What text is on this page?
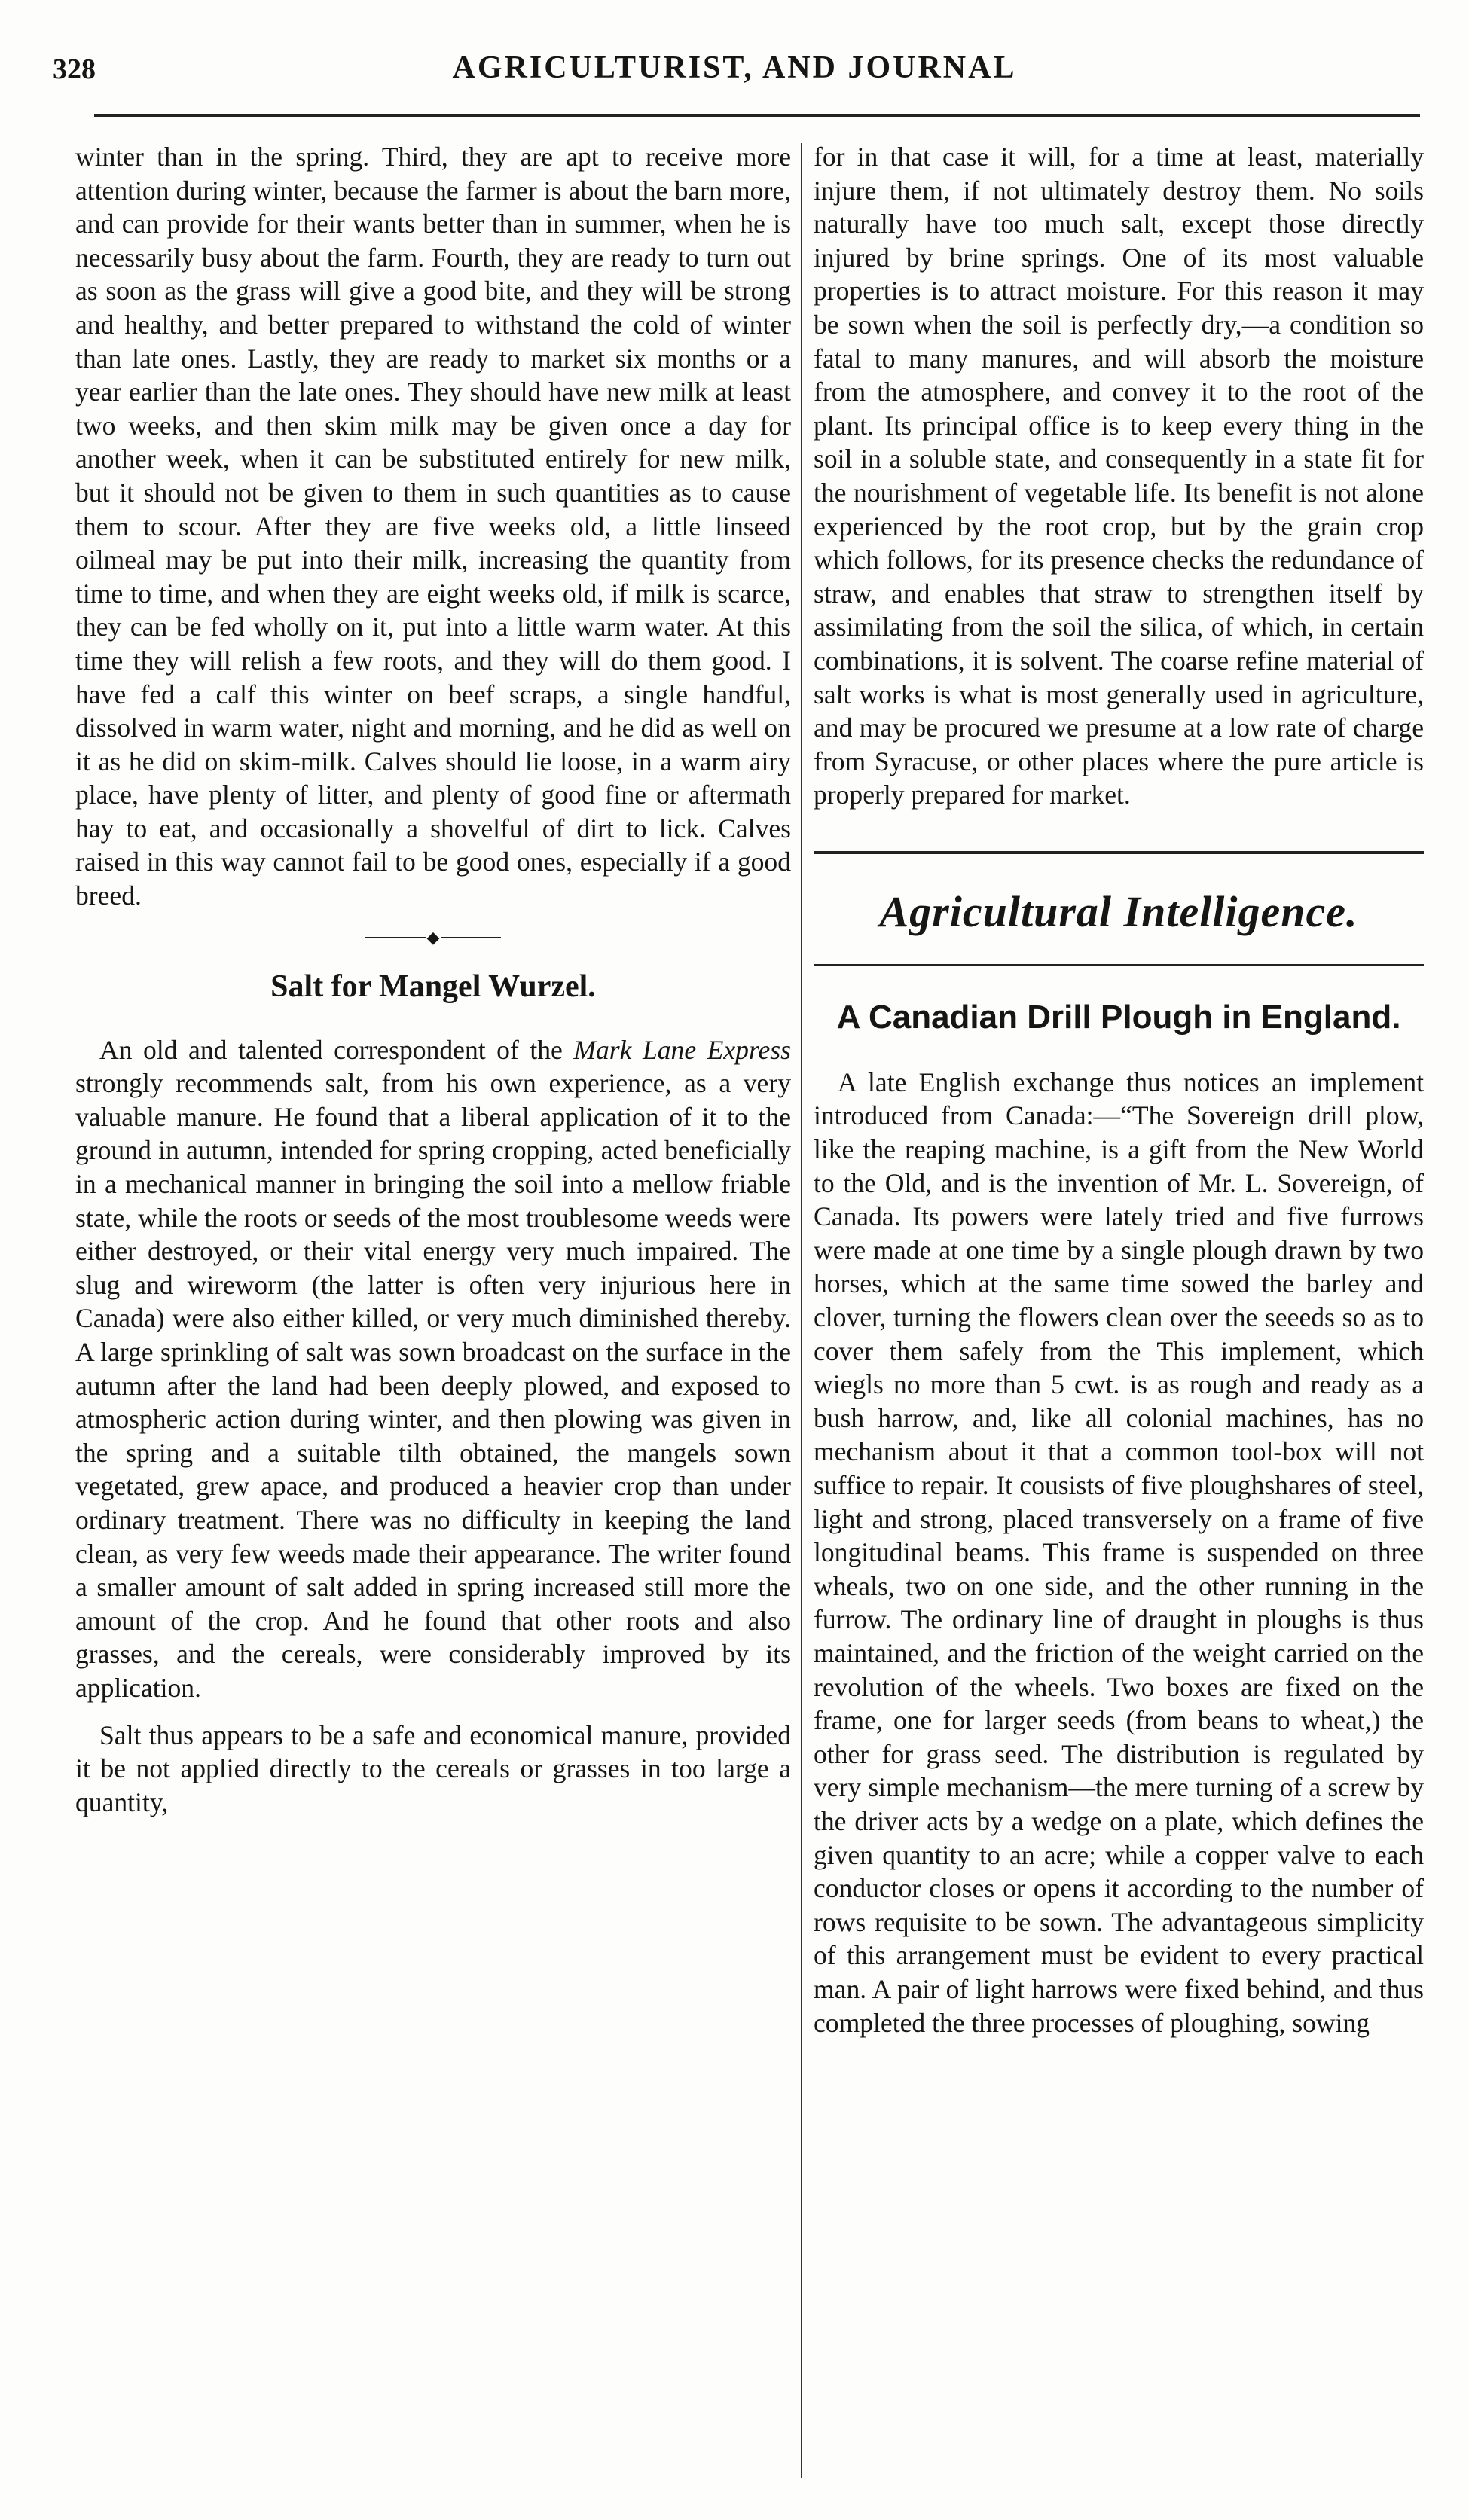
328	AGRICULTURIST, AND JOURNAL

winter than in the spring. Third, they are apt to receive more attention during winter, because the farmer is about the barn more, and can provide for their wants better than in summer, when he is necessarily busy about the farm. Fourth, they are ready to turn out as soon as the grass will give a good bite, and they will be strong and healthy, and better prepared to withstand the cold of winter than late ones. Lastly, they are ready to market six months or a year earlier than the late ones. They should have new milk at least two weeks, and then skim milk may be given once a day for another week, when it can be substituted entirely for new milk, but it should not be given to them in such quantities as to cause them to scour. After they are five weeks old, a little linseed oilmeal may be put into their milk, increasing the quantity from time to time, and when they are eight weeks old, if milk is scarce, they can be fed wholly on it, put into a little warm water. At this time they will relish a few roots, and they will do them good. I have fed a calf this winter on beef scraps, a single handful, dissolved in warm water, night and morning, and he did as well on it as he did on skim-milk. Calves should lie loose, in a warm airy place, have plenty of litter, and plenty of good fine or aftermath hay to eat, and occasionally a shovelful of dirt to lick. Calves raised in this way cannot fail to be good ones, especially if a good breed.

◆
Salt for Mangel Wurzel.

An old and talented correspondent of the Mark Lane Express strongly recommends salt, from his own experience, as a very valuable manure. He found that a liberal application of it to the ground in autumn, intended for spring cropping, acted beneficially in a mechanical manner in bringing the soil into a mellow friable state, while the roots or seeds of the most troublesome weeds were either destroyed, or their vital energy very much impaired. The slug and wireworm (the latter is often very injurious here in Canada) were also either killed, or very much diminished thereby. A large sprinkling of salt was sown broadcast on the surface in the autumn after the land had been deeply plowed, and exposed to atmospheric action during winter, and then plowing was given in the spring and a suitable tilth obtained, the mangels sown vegetated, grew apace, and produced a heavier crop than under ordinary treatment. There was no difficulty in keeping the land clean, as very few weeds made their appearance. The writer found a smaller amount of salt added in spring increased still more the amount of the crop. And he found that other roots and also grasses, and the cereals, were considerably improved by its application.

Salt thus appears to be a safe and economical manure, provided it be not applied directly to the cereals or grasses in too large a quantity,

for in that case it will, for a time at least, materially injure them, if not ultimately destroy them. No soils naturally have too much salt, except those directly injured by brine springs. One of its most valuable properties is to attract moisture. For this reason it may be sown when the soil is perfectly dry,—a condition so fatal to many manures, and will absorb the moisture from the atmosphere, and convey it to the root of the plant. Its principal office is to keep every thing in the soil in a soluble state, and consequently in a state fit for the nourishment of vegetable life. Its benefit is not alone experienced by the root crop, but by the grain crop which follows, for its presence checks the redundance of straw, and enables that straw to strengthen itself by assimilating from the soil the silica, of which, in certain combinations, it is solvent. The coarse refine material of salt works is what is most generally used in agriculture, and may be procured we presume at a low rate of charge from Syracuse, or other places where the pure article is properly prepared for market.

Agricultural Intelligence.
A Canadian Drill Plough in England.

A late English exchange thus notices an implement introduced from Canada:—“The Sovereign drill plow, like the reaping machine, is a gift from the New World to the Old, and is the invention of Mr. L. Sovereign, of Canada. Its powers were lately tried and five furrows were made at one time by a single plough drawn by two horses, which at the same time sowed the barley and clover, turning the flowers clean over the seeeds so as to cover them safely from the This implement, which wiegls no more than 5 cwt. is as rough and ready as a bush harrow, and, like all colonial machines, has no mechanism about it that a common tool-box will not suffice to repair. It cousists of five ploughshares of steel, light and strong, placed transversely on a frame of five longitudinal beams. This frame is suspended on three wheals, two on one side, and the other running in the furrow. The ordinary line of draught in ploughs is thus maintained, and the friction of the weight carried on the revolution of the wheels. Two boxes are fixed on the frame, one for larger seeds (from beans to wheat,) the other for grass seed. The distribution is regulated by very simple mechanism—the mere turning of a screw by the driver acts by a wedge on a plate, which defines the given quantity to an acre; while a copper valve to each conductor closes or opens it according to the number of rows requisite to be sown. The advantageous simplicity of this arrangement must be evident to every practical man. A pair of light harrows were fixed behind, and thus completed the three processes of ploughing, sowing
